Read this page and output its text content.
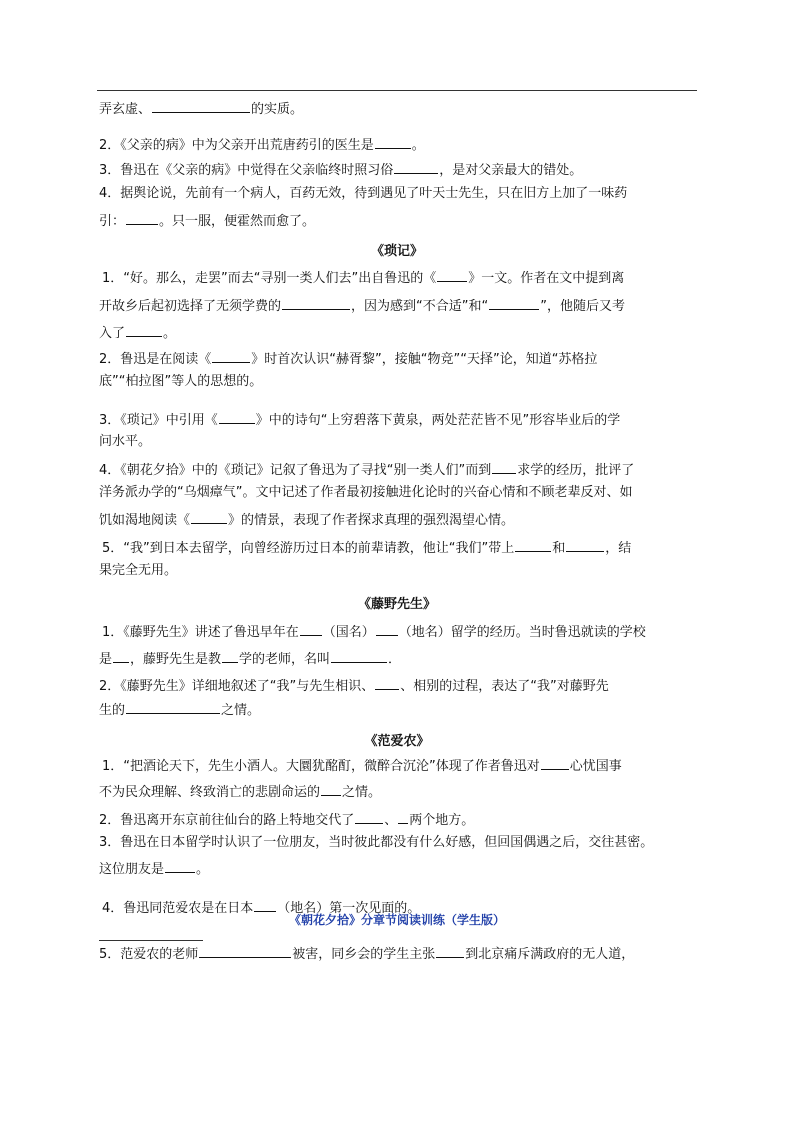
弄玄虚、	的实质。
2．《父亲的病》中为父亲开出荒唐药引的医生是	。
3．鲁迅在《父亲的病》中觉得在父亲临终时照习俗	，是对父亲最大的错处。
4．据舆论说，先前有一个病人，百药无效，待到遇见了叶天士先生，只在旧方上加了一味药
引：	。只一服，便霍然而愈了。
《琐记》
1．“好。那么，走罢”而去“寻别一类人们去”出自鲁迅的《 》一文。作者在文中提到离
开故乡后起初选择了无须学费的	，因为感到“不合适”和“	”，他随后又考
入了	。
2．鲁迅是在阅读《	》时首次认识“赫胥黎”，接触“物竞”“天择”论，知道“苏格拉
底”“柏拉图”等人的思想的。
3．《琐记》中引用《	》中的诗句“上穷碧落下黄泉，两处茫茫皆不见”形容毕业后的学
问水平。
4．《朝花夕拾》中的《琐记》记叙了鲁迅为了寻找“别一类人们”而到 求学的经历，批评了
洋务派办学的“乌烟瘴气”。文中记述了作者最初接触进化论时的兴奋心情和不顾老辈反对、如
饥如渴地阅读《	》的情景，表现了作者探求真理的强烈渴望心情。
5．“我”到日本去留学，向曾经游历过日本的前辈请教，他让“我们”带上	和	，结
果完全无用。
《藤野先生》
1．《藤野先生》讲述了鲁迅早年在 （国名） （地名）留学的经历。当时鲁迅就读的学校
是 ，藤野先生是教 学的老师，名叫	．
2．《藤野先生》详细地叙述了“我”与先生相识、 、相别的过程，表达了“我”对藤野先
生的	之情。
《范爱农》
1．“把酒论天下，先生小酒人。大圜犹酩酊，微醉合沉沦”体现了作者鲁迅对 心忧国事
不为民众理解、终致消亡的悲剧命运的 之情。
2．鲁迅离开东京前往仙台的路上特地交代了 、 两个地方。
3．鲁迅在日本留学时认识了一位朋友，当时彼此都没有什么好感，但回国偶遇之后，交往甚密。
这位朋友是 。
4．鲁迅同范爱农是在日本 （地名）第一次见面的。
《朝花夕拾》分章节阅读训练（学生版）
5．范爱农的老师	被害，同乡会的学生主张 到北京痛斥满政府的无人道，
